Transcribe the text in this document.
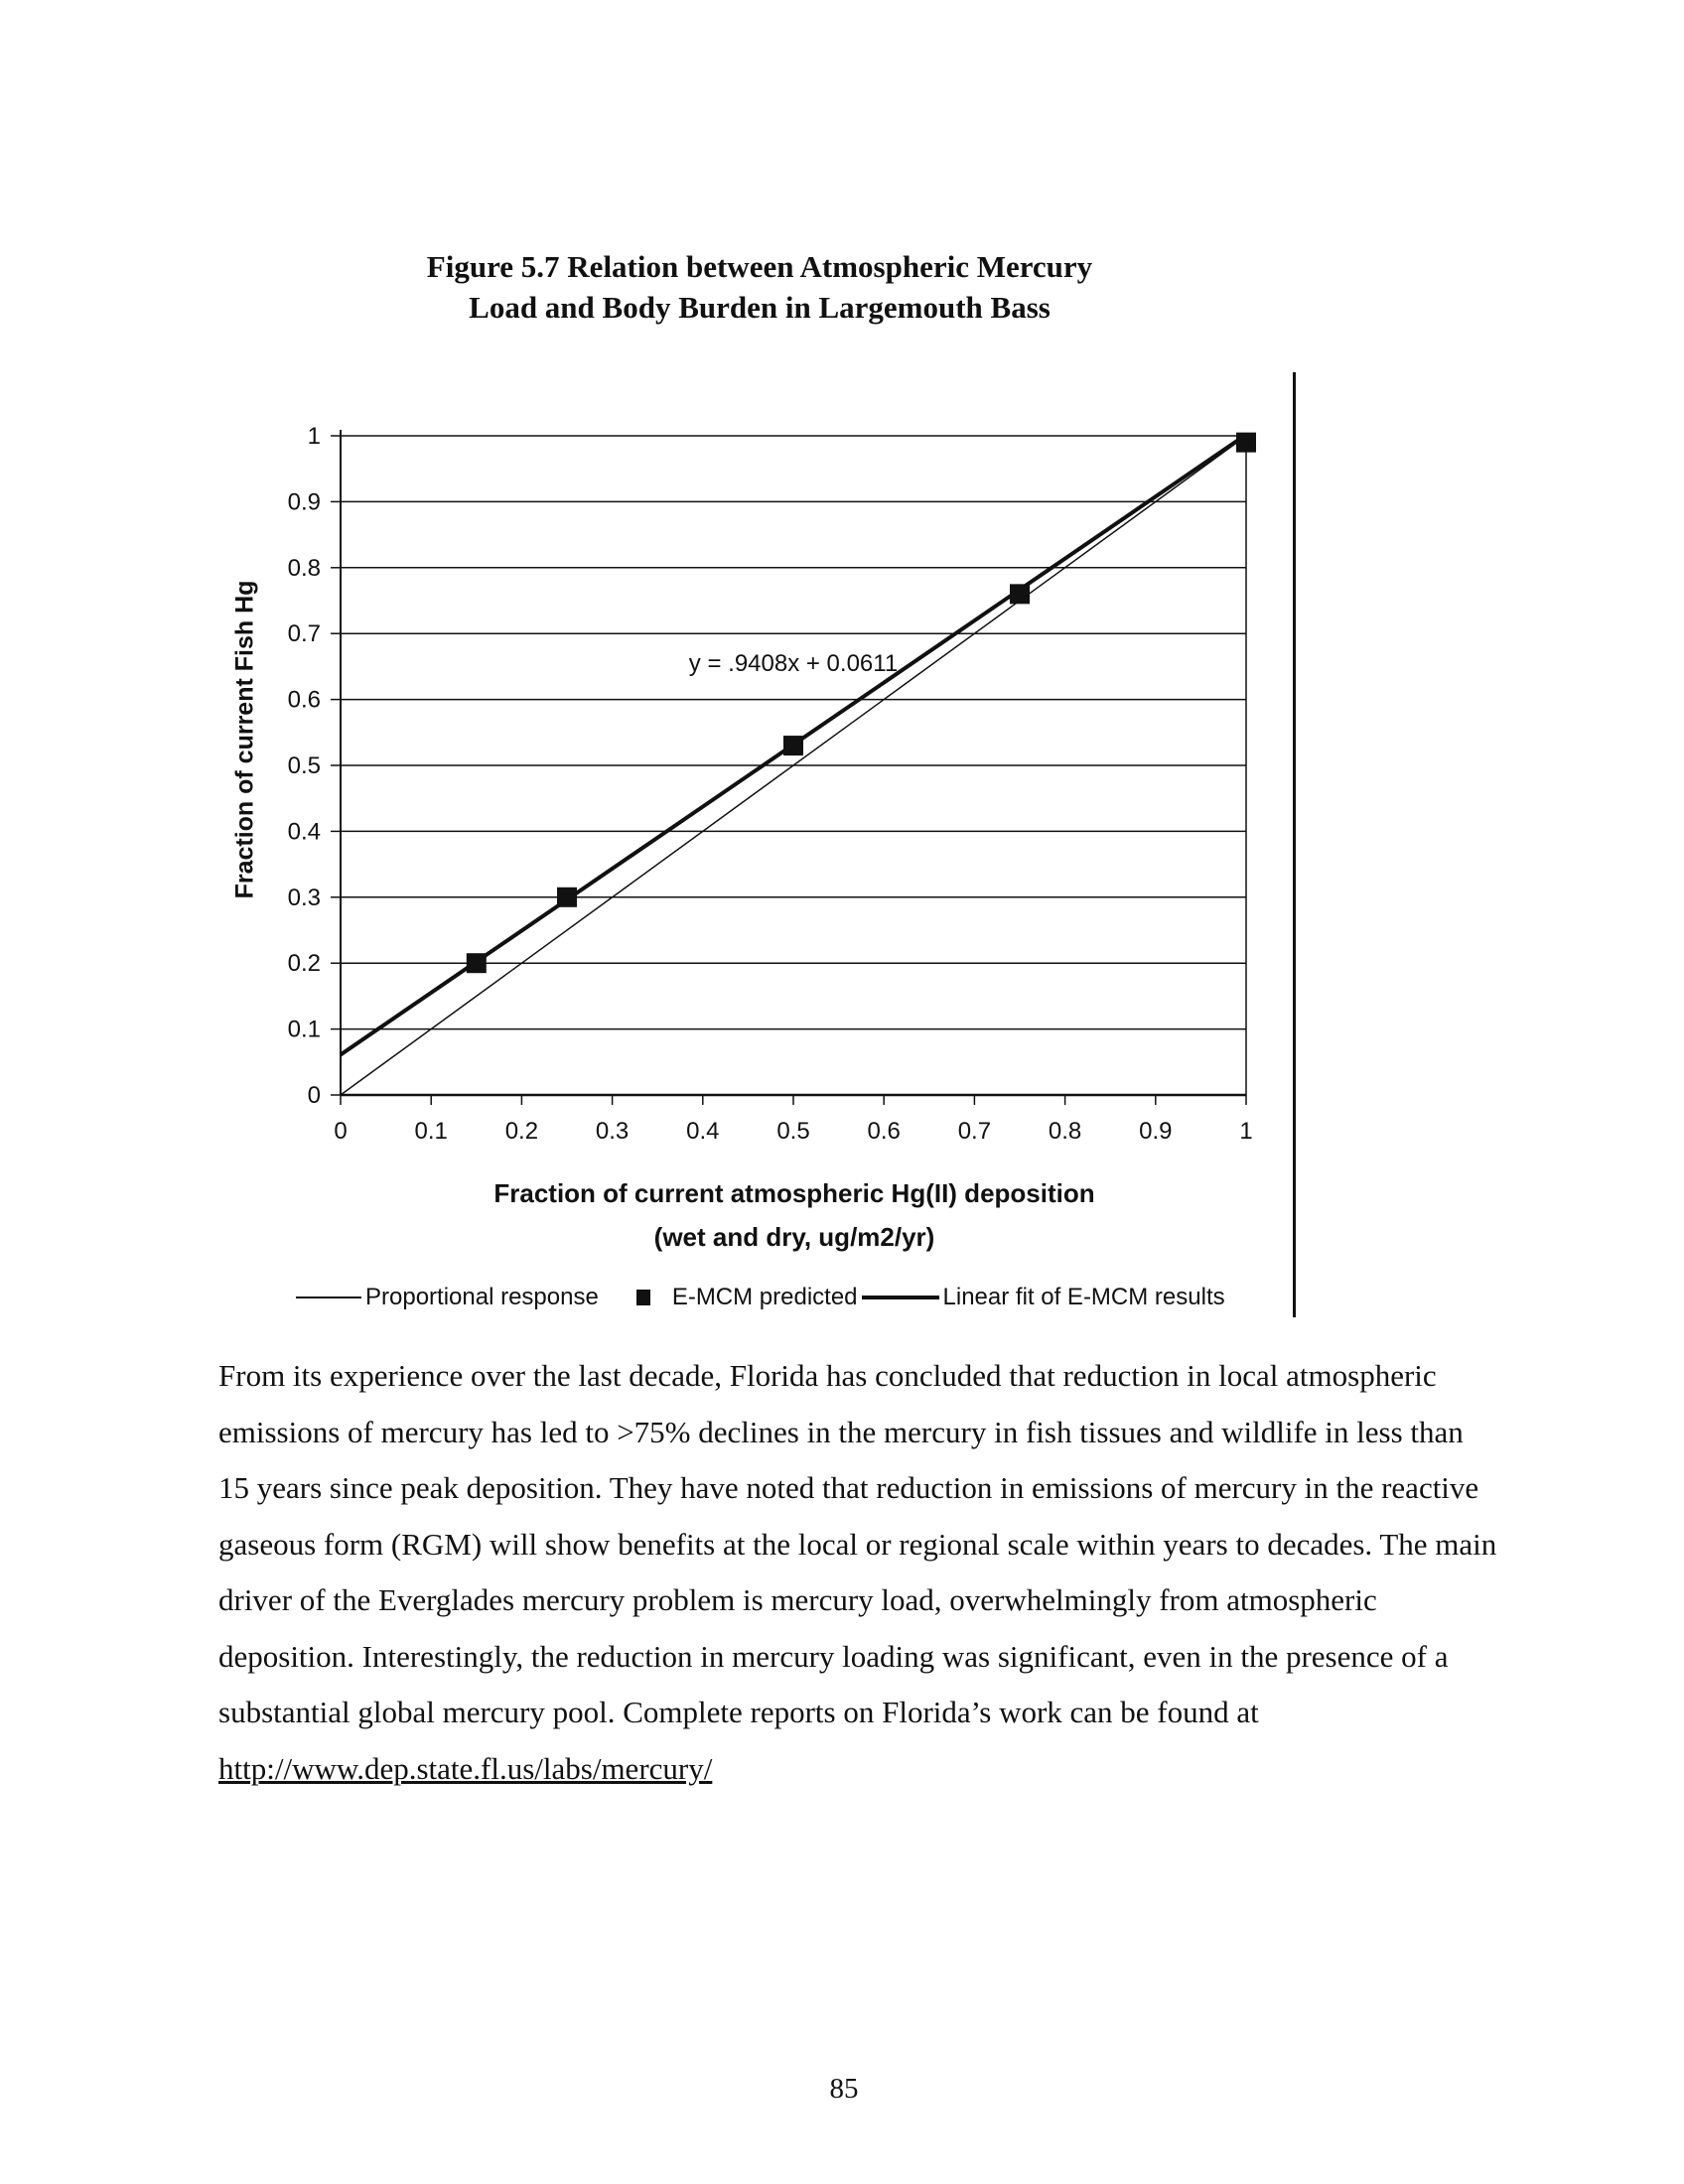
Figure 5.7 Relation between Atmospheric Mercury
Load and Body Burden in Largemouth Bass
0
0.1
0.2
0.3
0.4
0.5
0.6
0.7
0.8
0.9
1
0	0.1 0.2 0.3 0.4 0.5 0.6 0.7 0.8 0.9	1
y = .9408x + 0.0611
Fraction of current Fish Hg
Fraction of current atmospheric Hg(II) deposition
(wet and dry, ug/m2/yr)
Proportional response	E-MCM predicted	Linear fit of E-MCM results
From its experience over the last decade, Florida has concluded that reduction in local atmospheric emissions of mercury has led to >75% declines in the mercury in fish tissues and wildlife in less than 15 years since peak deposition. They have noted that reduction in emissions of mercury in the reactive gaseous form (RGM) will show benefits at the local or regional scale within years to decades. The main driver of the Everglades mercury problem is mercury load, overwhelmingly from atmospheric deposition. Interestingly, the reduction in mercury loading was significant, even in the presence of a substantial global mercury pool. Complete reports on Florida’s work can be found at http://www.dep.state.fl.us/labs/mercury/
85
